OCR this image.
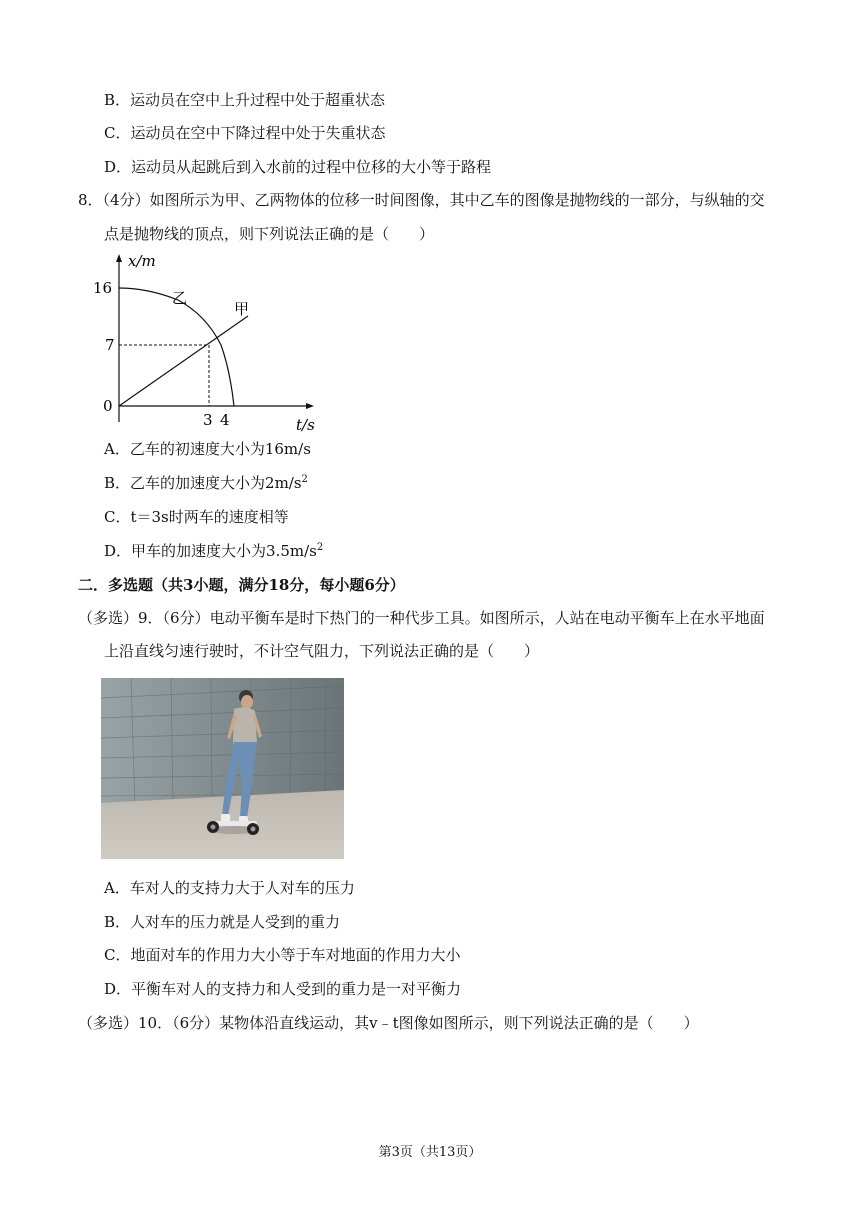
B．运动员在空中上升过程中处于超重状态
C．运动员在空中下降过程中处于失重状态
D．运动员从起跳后到入水前的过程中位移的大小等于路程
8．（4分）如图所示为甲、乙两物体的位移一时间图像，其中乙车的图像是抛物线的一部分，与纵轴的交
点是抛物线的顶点，则下列说法正确的是（　　）
x/m
16
7
0
3 4	t/s
乙
甲
A．乙车的初速度大小为16m/s
B．乙车的加速度大小为$2m/s^2$
C．t＝3s时两车的速度相等
D．甲车的加速度大小为$3.5m/s^2$
二．多选题（共3小题，满分18分，每小题6分）
（多选）9．（6分）电动平衡车是时下热门的一种代步工具。如图所示，人站在电动平衡车上在水平地面
上沿直线匀速行驶时，不计空气阻力，下列说法正确的是（　　）
A．车对人的支持力大于人对车的压力
B．人对车的压力就是人受到的重力
C．地面对车的作用力大小等于车对地面的作用力大小
D．平衡车对人的支持力和人受到的重力是一对平衡力
（多选）10．（6分）某物体沿直线运动，其v﹣t图像如图所示，则下列说法正确的是（　　）
第3页（共13页）
